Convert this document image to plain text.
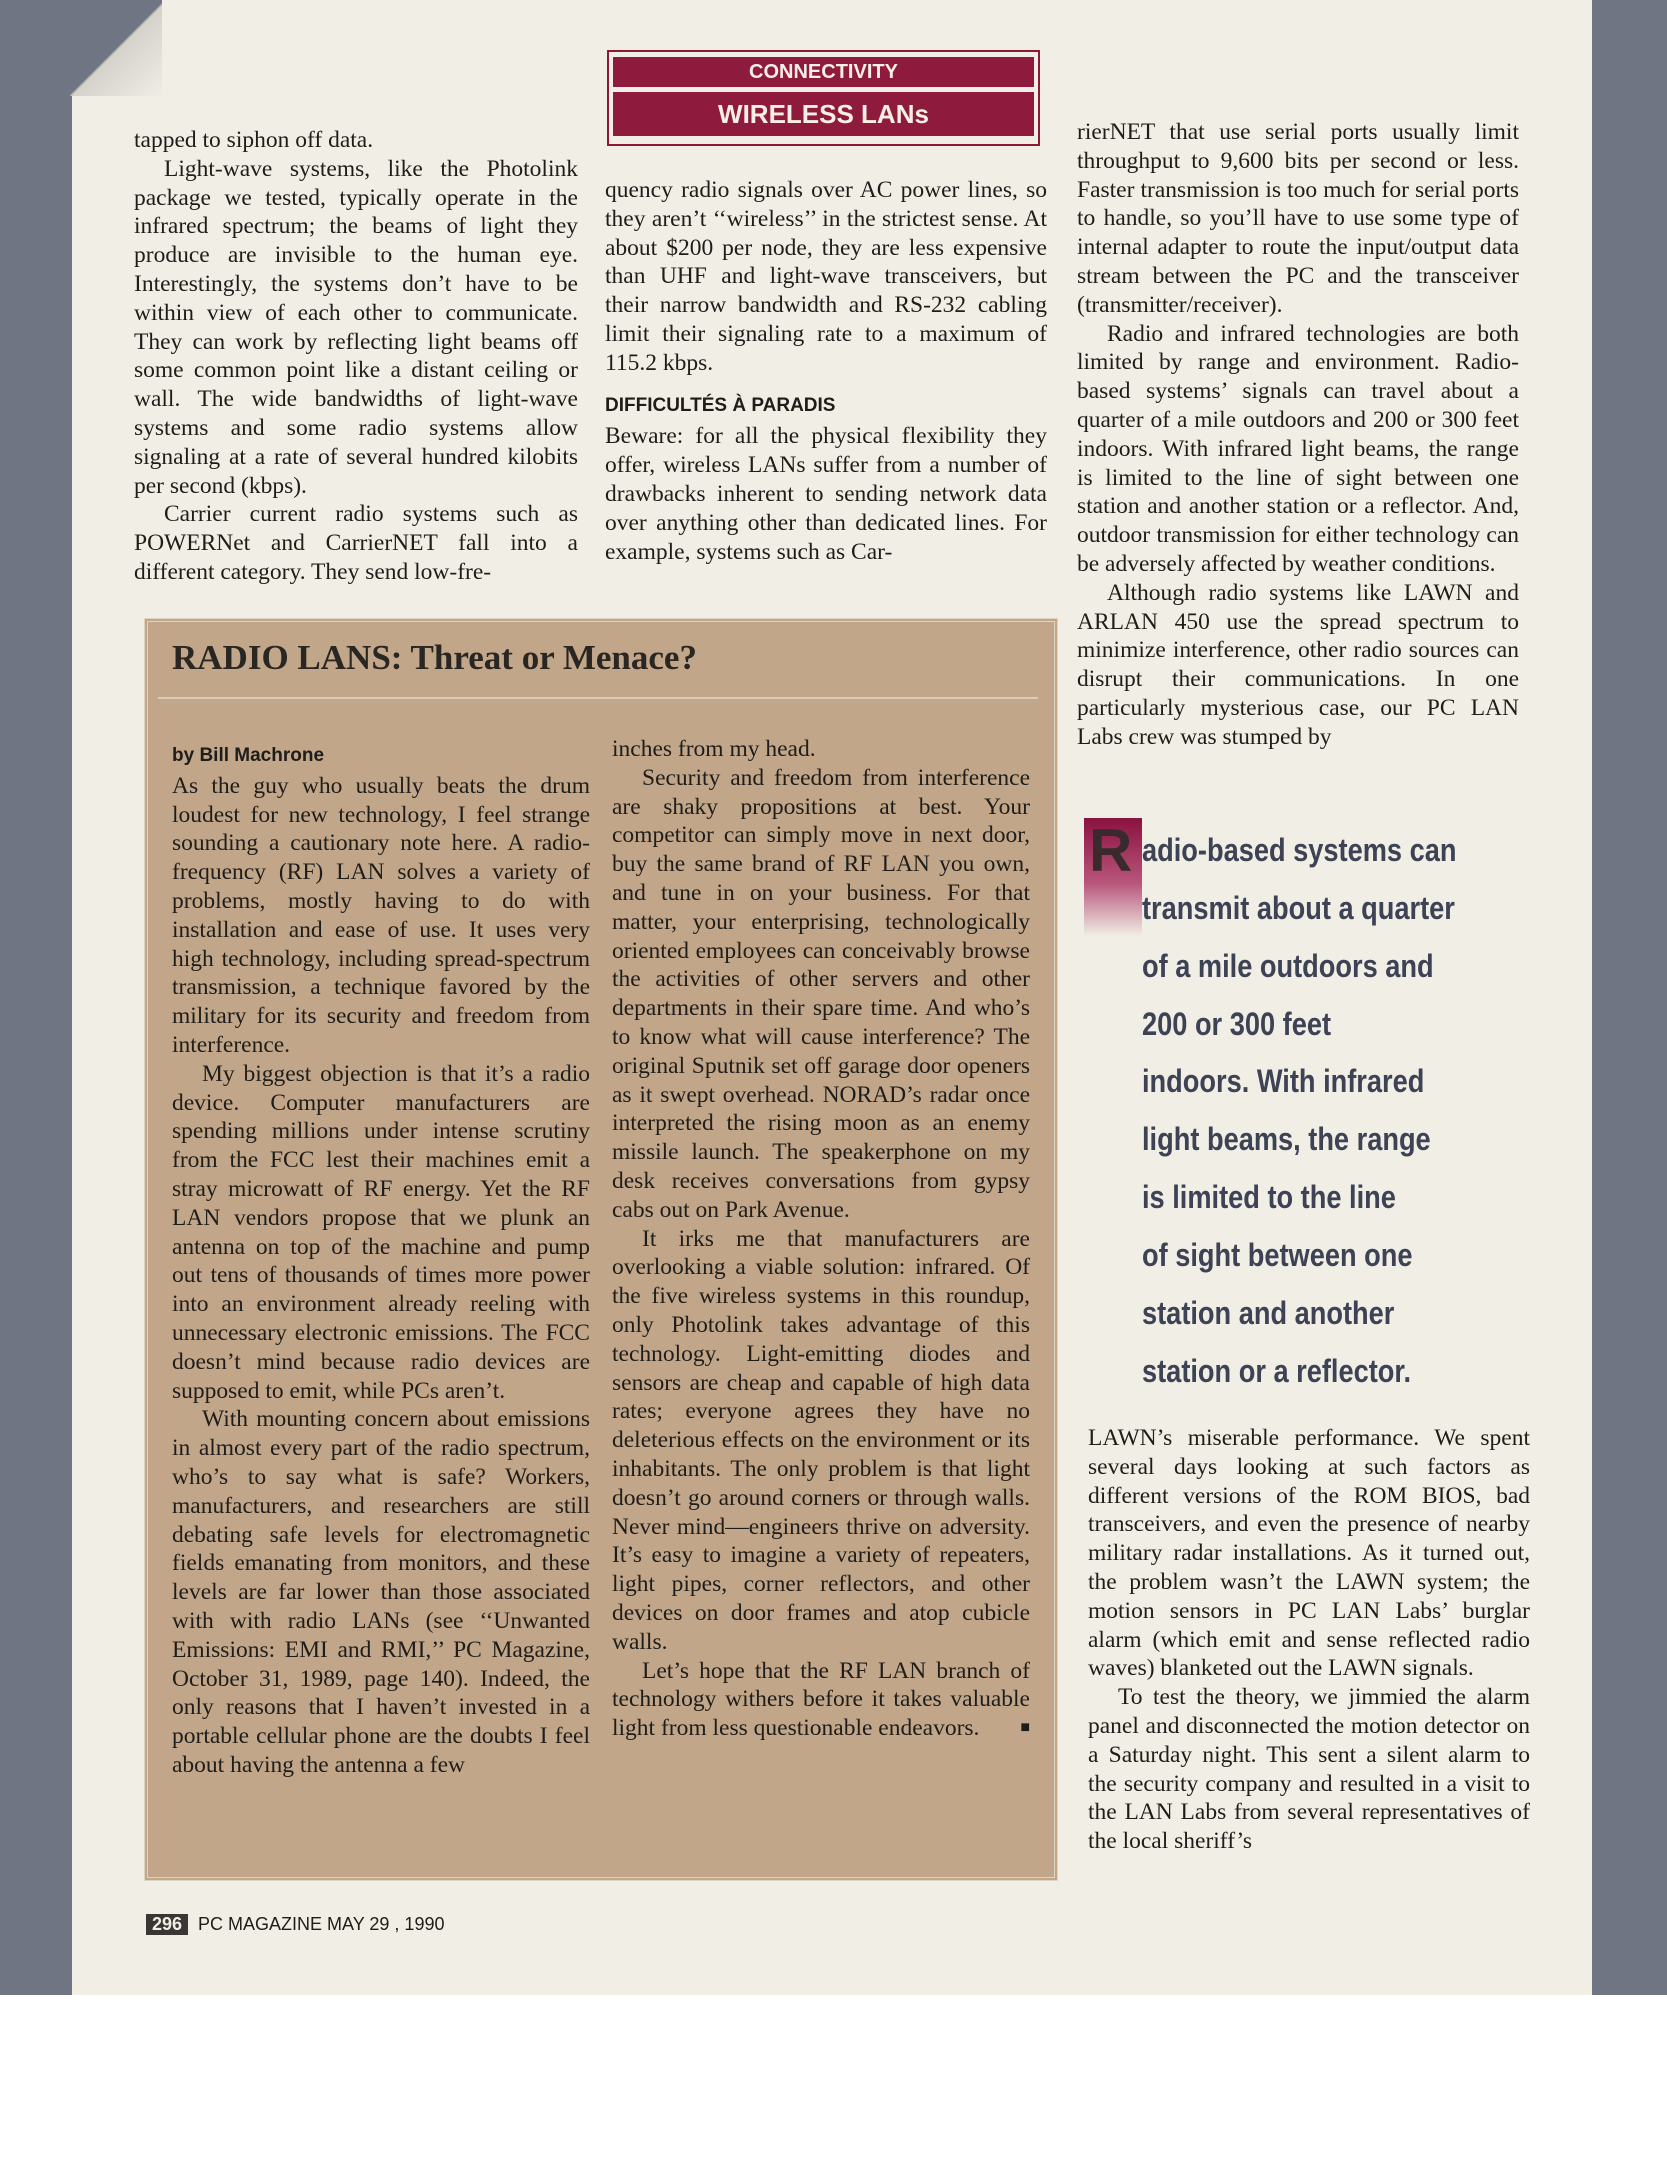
CONNECTIVITY
WIRELESS LANs

tapped to siphon off data.

Light-wave systems, like the Photolink package we tested, typically operate in the infrared spectrum; the beams of light they produce are invisible to the human eye. Interestingly, the systems don’t have to be within view of each other to communicate. They can work by reflecting light beams off some common point like a distant ceiling or wall. The wide bandwidths of light-wave systems and some radio systems allow signaling at a rate of several hundred kilobits per second (kbps).

Carrier current radio systems such as POWERNet and CarrierNET fall into a different category. They send low-fre-

quency radio signals over AC power lines, so they aren’t ‘‘wireless’’ in the strictest sense. At about $200 per node, they are less expensive than UHF and light-wave transceivers, but their narrow bandwidth and RS-232 cabling limit their signaling rate to a maximum of 115.2 kbps.

DIFFICULTÉS À PARADIS

Beware: for all the physical flexibility they offer, wireless LANs suffer from a number of drawbacks inherent to sending network data over anything other than dedicated lines. For example, systems such as Car-

rierNET that use serial ports usually limit throughput to 9,600 bits per second or less. Faster transmission is too much for serial ports to handle, so you’ll have to use some type of internal adapter to route the input/output data stream between the PC and the transceiver (transmitter/receiver).

Radio and infrared technologies are both limited by range and environment. Radio-based systems’ signals can travel about a quarter of a mile outdoors and 200 or 300 feet indoors. With infrared light beams, the range is limited to the line of sight between one station and another station or a reflector. And, outdoor transmission for either technology can be adversely affected by weather conditions.

Although radio systems like LAWN and ARLAN 450 use the spread spectrum to minimize interference, other radio sources can disrupt their communications. In one particularly mysterious case, our PC LAN Labs crew was stumped by

R adio-based systems can
transmit about a quarter
of a mile outdoors and
200 or 300 feet
indoors. With infrared
light beams, the range
is limited to the line
of sight between one
station and another
station or a reflector.

LAWN’s miserable performance. We spent several days looking at such factors as different versions of the ROM BIOS, bad transceivers, and even the presence of nearby military radar installations. As it turned out, the problem wasn’t the LAWN system; the motion sensors in PC LAN Labs’ burglar alarm (which emit and sense reflected radio waves) blanketed out the LAWN signals.

To test the theory, we jimmied the alarm panel and disconnected the motion detector on a Saturday night. This sent a silent alarm to the security company and resulted in a visit to the LAN Labs from several representatives of the local sheriff’s

RADIO LANS: Threat or Menace?

by Bill Machrone

As the guy who usually beats the drum loudest for new technology, I feel strange sounding a cautionary note here. A radio-frequency (RF) LAN solves a variety of problems, mostly having to do with installation and ease of use. It uses very high technology, including spread-spectrum transmission, a technique favored by the military for its security and freedom from interference.

My biggest objection is that it’s a radio device. Computer manufacturers are spending millions under intense scrutiny from the FCC lest their machines emit a stray microwatt of RF energy. Yet the RF LAN vendors propose that we plunk an antenna on top of the machine and pump out tens of thousands of times more power into an environment already reeling with unnecessary electronic emissions. The FCC doesn’t mind because radio devices are supposed to emit, while PCs aren’t.

With mounting concern about emissions in almost every part of the radio spectrum, who’s to say what is safe? Workers, manufacturers, and researchers are still debating safe levels for electromagnetic fields emanating from monitors, and these levels are far lower than those associated with with radio LANs (see ‘‘Unwanted Emissions: EMI and RMI,’’ PC Magazine, October 31, 1989, page 140). Indeed, the only reasons that I haven’t invested in a portable cellular phone are the doubts I feel about having the antenna a few

inches from my head.

Security and freedom from interference are shaky propositions at best. Your competitor can simply move in next door, buy the same brand of RF LAN you own, and tune in on your business. For that matter, your enterprising, technologically oriented employees can conceivably browse the activities of other servers and other departments in their spare time. And who’s to know what will cause interference? The original Sputnik set off garage door openers as it swept overhead. NORAD’s radar once interpreted the rising moon as an enemy missile launch. The speakerphone on my desk receives conversations from gypsy cabs out on Park Avenue.

It irks me that manufacturers are overlooking a viable solution: infrared. Of the five wireless systems in this roundup, only Photolink takes advantage of this technology. Light-emitting diodes and sensors are cheap and capable of high data rates; everyone agrees they have no deleterious effects on the environment or its inhabitants. The only problem is that light doesn’t go around corners or through walls. Never mind—engineers thrive on adversity. It’s easy to imagine a variety of repeaters, light pipes, corner reflectors, and other devices on door frames and atop cubicle walls.

Let’s hope that the RF LAN branch of technology withers before it takes valuable light from less questionable endeavors.	■

296 PC MAGAZINE MAY 29 , 1990
